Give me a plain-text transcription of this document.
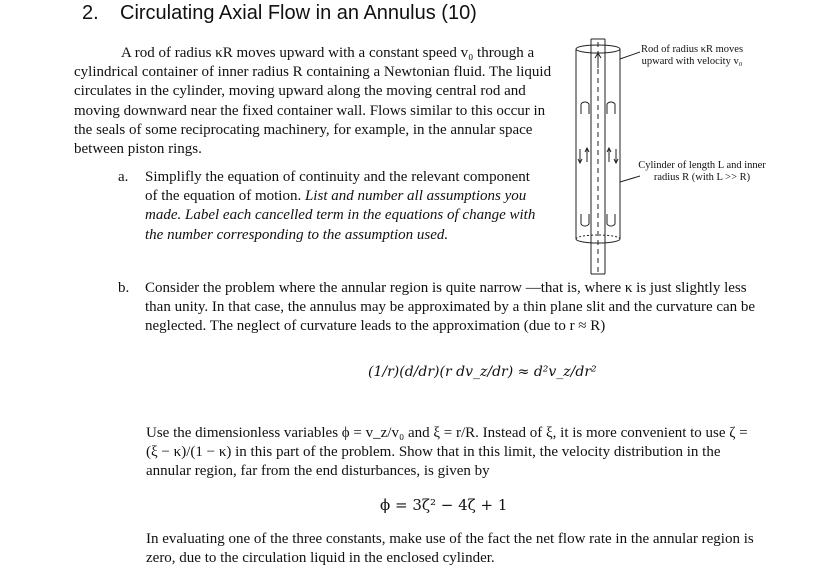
2. Circulating Axial Flow in an Annulus (10)
A rod of radius κR moves upward with a constant speed v₀ through a cylindrical container of inner radius R containing a Newtonian fluid. The liquid circulates in the cylinder, moving upward along the moving central rod and moving downward near the fixed container wall. Flows similar to this occur in the seals of some reciprocating machinery, for example, in the annular space between piston rings.
a. Simplifly the equation of continuity and the relevant component of the equation of motion. List and number all assumptions you made. Label each cancelled term in the equations of change with the number corresponding to the assumption used.
b. Consider the problem where the annular region is quite narrow —that is, where κ is just slightly less than unity. In that case, the annulus may be approximated by a thin plane slit and the curvature can be neglected. The neglect of curvature leads to the approximation (due to r ≈ R)
(1/r)(d/dr)(r dv_z/dr) ≈ d²v_z/dr²
Use the dimensionless variables ϕ = v_z/v₀ and ξ = r/R. Instead of ξ, it is more convenient to use ζ = (ξ − κ)/(1 − κ) in this part of the problem. Show that in this limit, the velocity distribution in the annular region, far from the end disturbances, is given by
ϕ = 3ζ² − 4ζ + 1
In evaluating one of the three constants, make use of the fact the net flow rate in the annular region is zero, due to the circulation liquid in the enclosed cylinder.
Rod of radius κR moves upward with velocity v₀
Cylinder of length L and inner radius R (with L >> R)
